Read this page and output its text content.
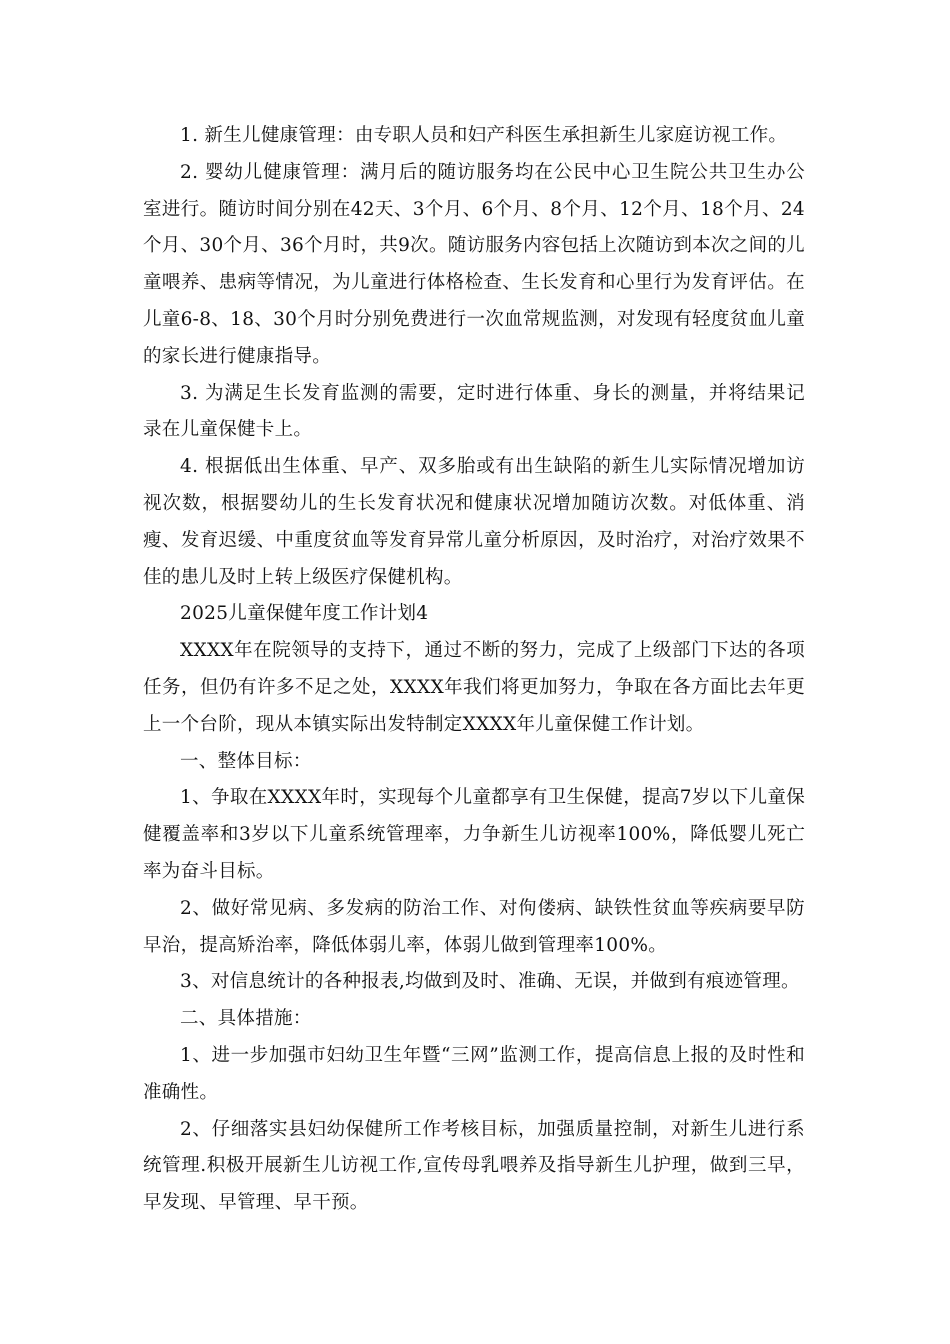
1. 新生儿健康管理：由专职人员和妇产科医生承担新生儿家庭访视工作。

2. 婴幼儿健康管理：满月后的随访服务均在公民中心卫生院公共卫生办公室进行。随访时间分别在42天、3个月、6个月、8个月、12个月、18个月、24个月、30个月、36个月时，共9次。随访服务内容包括上次随访到本次之间的儿童喂养、患病等情况，为儿童进行体格检查、生长发育和心里行为发育评估。在儿童6-8、18、30个月时分别免费进行一次血常规监测，对发现有轻度贫血儿童的家长进行健康指导。

3. 为满足生长发育监测的需要，定时进行体重、身长的测量，并将结果记录在儿童保健卡上。

4. 根据低出生体重、早产、双多胎或有出生缺陷的新生儿实际情况增加访视次数，根据婴幼儿的生长发育状况和健康状况增加随访次数。对低体重、消瘦、发育迟缓、中重度贫血等发育异常儿童分析原因，及时治疗，对治疗效果不佳的患儿及时上转上级医疗保健机构。

2025儿童保健年度工作计划4

XXXX年在院领导的支持下，通过不断的努力，完成了上级部门下达的各项任务，但仍有许多不足之处，XXXX年我们将更加努力，争取在各方面比去年更上一个台阶，现从本镇实际出发特制定XXXX年儿童保健工作计划。

一、整体目标：

1、争取在XXXX年时，实现每个儿童都享有卫生保健，提高7岁以下儿童保健覆盖率和3岁以下儿童系统管理率，力争新生儿访视率100%，降低婴儿死亡率为奋斗目标。

2、做好常见病、多发病的防治工作、对佝偻病、缺铁性贫血等疾病要早防早治，提高矫治率，降低体弱儿率，体弱儿做到管理率100%。

3、对信息统计的各种报表,均做到及时、准确、无误，并做到有痕迹管理。

二、具体措施：

1、进一步加强市妇幼卫生年暨“三网”监测工作，提高信息上报的及时性和准确性。

2、仔细落实县妇幼保健所工作考核目标，加强质量控制，对新生儿进行系统管理.积极开展新生儿访视工作,宣传母乳喂养及指导新生儿护理，做到三早，早发现、早管理、早干预。
